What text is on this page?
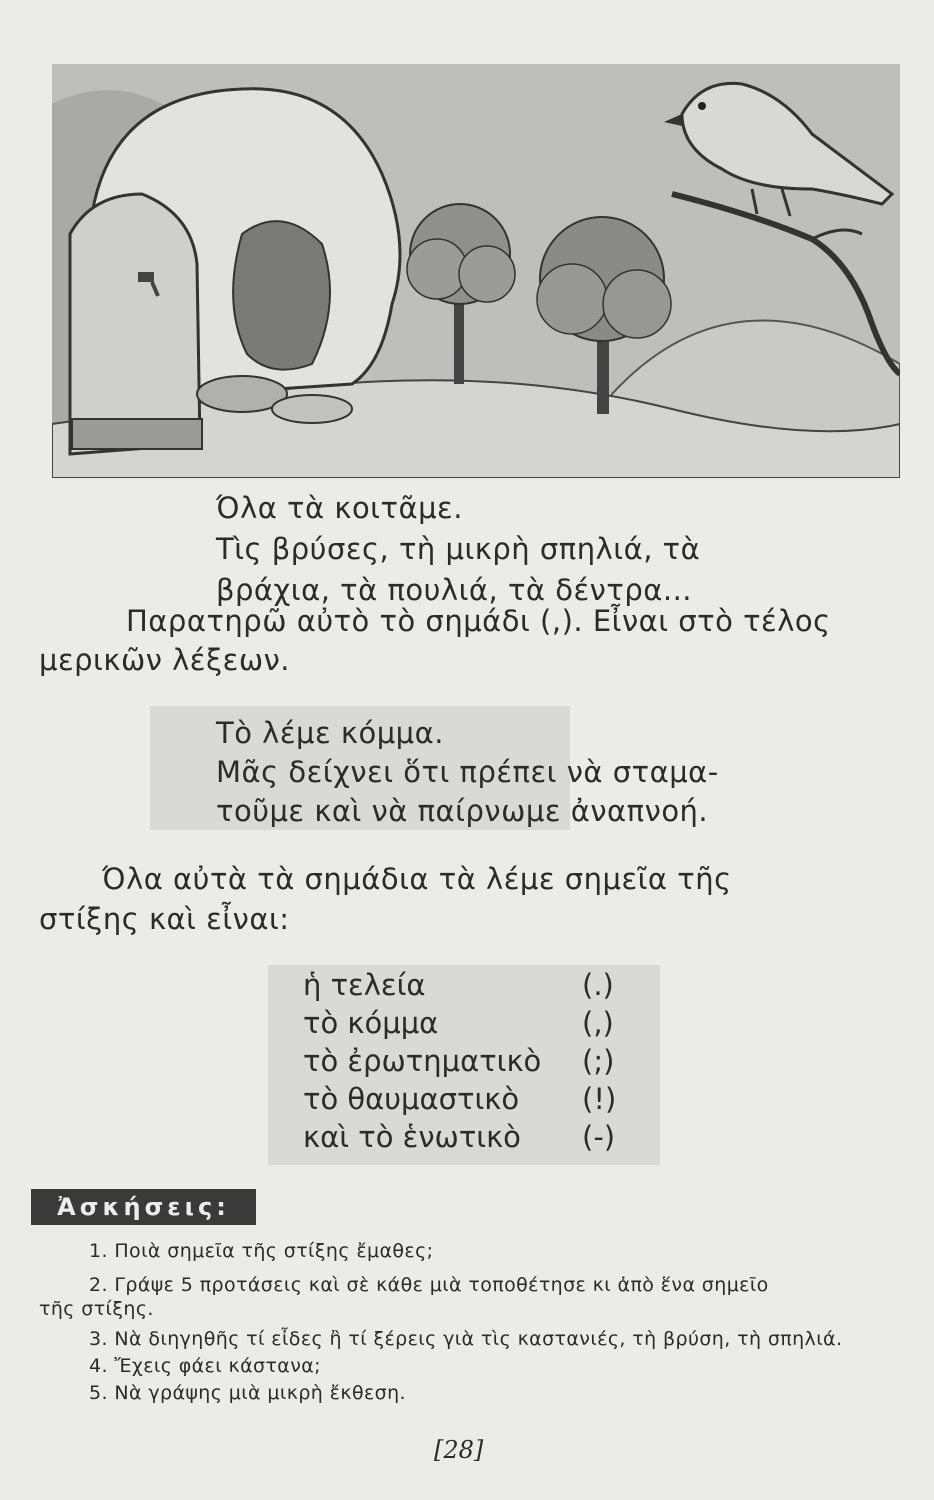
Όλα τὰ κοιτᾶμε.
Τὶς βρύσες, τὴ μικρὴ σπηλιά, τὰ
βράχια, τὰ πουλιά, τὰ δέντρα...
Παρατηρῶ αὐτὸ τὸ σημάδι (,). Εἶναι στὸ τέλος
μερικῶν λέξεων.
Τὸ λέμε κόμμα.
Μᾶς δείχνει ὅτι πρέπει νὰ σταμα-
τοῦμε καὶ νὰ παίρνωμε ἀναπνοή.
Όλα αὐτὰ τὰ σημάδια τὰ λέμε σημεῖα τῆς
στίξης καὶ εἶναι:
ἡ τελεία	(.)
τὸ κόμμα	(,)
τὸ ἐρωτηματικὸ (;)
τὸ θαυμαστικὸ (!)
καὶ τὸ ἑνωτικὸ (-)
Ἀσκήσεις:
1. Ποιὰ σημεῖα τῆς στίξης ἔμαθες;
2. Γράψε 5 προτάσεις καὶ σὲ κάθε μιὰ τοποθέτησε κι ἀπὸ ἕνα σημεῖο
τῆς στίξης.
3. Νὰ διηγηθῆς τί εἶδες ἢ τί ξέρεις γιὰ τὶς καστανιές, τὴ βρύση, τὴ σπηλιά.
4. Ἔχεις φάει κάστανα;
5. Νὰ γράψης μιὰ μικρὴ ἔκθεση.
[28]
